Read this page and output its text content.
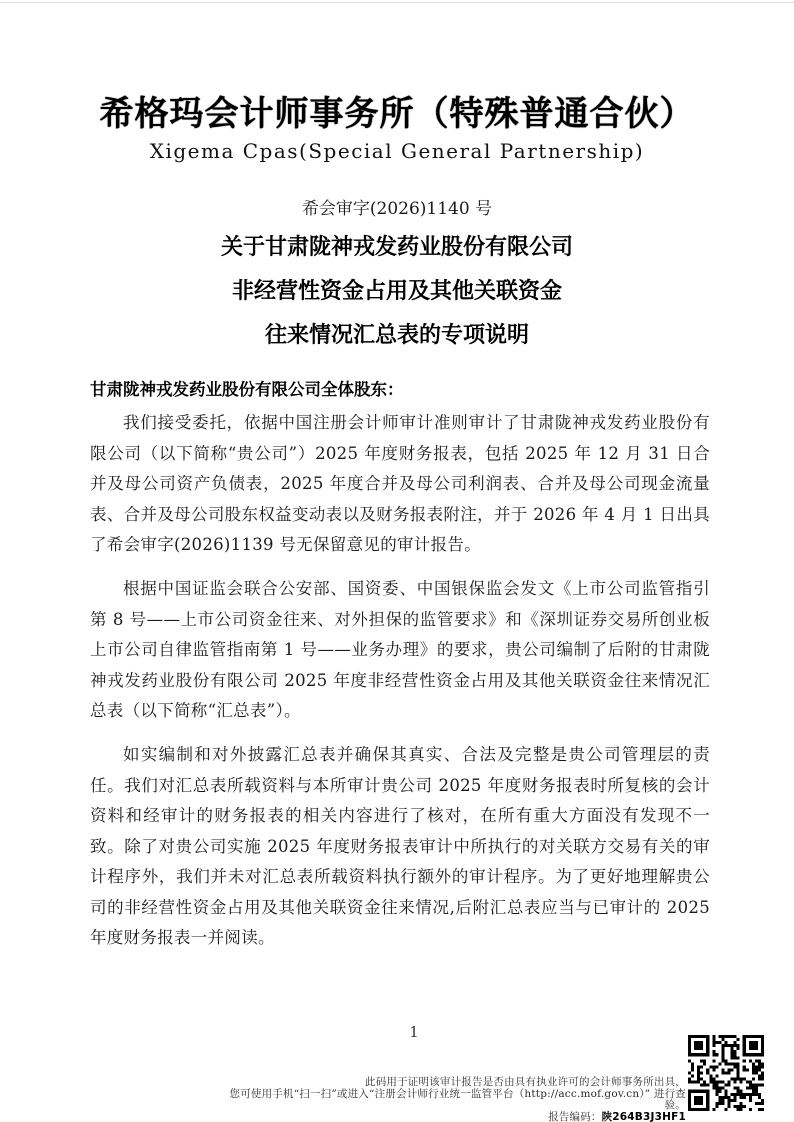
希格玛会计师事务所（特殊普通合伙）
Xigema Cpas(Special General Partnership)
希会审字(2026)1140 号
关于甘肃陇神戎发药业股份有限公司
非经营性资金占用及其他关联资金
往来情况汇总表的专项说明
甘肃陇神戎发药业股份有限公司全体股东：
我们接受委托，依据中国注册会计师审计准则审计了甘肃陇神戎发药业股份有限公司（以下简称“贵公司”）2025 年度财务报表，包括 2025 年 12 月 31 日合并及母公司资产负债表，2025 年度合并及母公司利润表、合并及母公司现金流量表、合并及母公司股东权益变动表以及财务报表附注，并于 2026 年 4 月 1 日出具了希会审字(2026)1139 号无保留意见的审计报告。
根据中国证监会联合公安部、国资委、中国银保监会发文《上市公司监管指引第 8 号——上市公司资金往来、对外担保的监管要求》和《深圳证券交易所创业板上市公司自律监管指南第 1 号——业务办理》的要求，贵公司编制了后附的甘肃陇神戎发药业股份有限公司 2025 年度非经营性资金占用及其他关联资金往来情况汇总表（以下简称“汇总表”）。
如实编制和对外披露汇总表并确保其真实、合法及完整是贵公司管理层的责任。我们对汇总表所载资料与本所审计贵公司 2025 年度财务报表时所复核的会计资料和经审计的财务报表的相关内容进行了核对，在所有重大方面没有发现不一致。除了对贵公司实施 2025 年度财务报表审计中所执行的对关联方交易有关的审计程序外，我们并未对汇总表所载资料执行额外的审计程序。为了更好地理解贵公司的非经营性资金占用及其他关联资金往来情况,后附汇总表应当与已审计的 2025 年度财务报表一并阅读。
1
此码用于证明该审计报告是否由具有执业许可的会计师事务所出具，
您可使用手机“扫一扫”或进入“注册会计师行业统一监管平台（http://acc.mof.gov.cn）” 进行查验。
报告编码：陕264B3J3HF1
